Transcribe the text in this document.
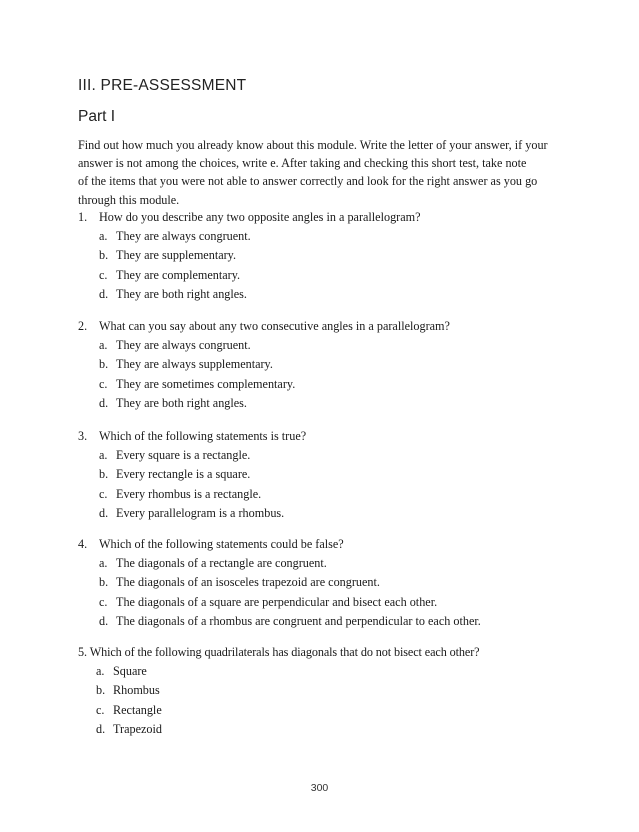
III. PRE-ASSESSMENT
Part I
Find out how much you already know about this module. Write the letter of your answer, if your
answer is not among the choices, write e. After taking and checking this short test, take note
of the items that you were not able to answer correctly and look for the right answer as you go
through this module.
1. How do you describe any two opposite angles in a parallelogram?
a. They are always congruent.
b. They are supplementary.
c. They are complementary.
d. They are both right angles.
2. What can you say about any two consecutive angles in a parallelogram?
a. They are always congruent.
b. They are always supplementary.
c. They are sometimes complementary.
d. They are both right angles.
3. Which of the following statements is true?
a. Every square is a rectangle.
b. Every rectangle is a square.
c. Every rhombus is a rectangle.
d. Every parallelogram is a rhombus.
4. Which of the following statements could be false?
a. The diagonals of a rectangle are congruent.
b. The diagonals of an isosceles trapezoid are congruent.
c. The diagonals of a square are perpendicular and bisect each other.
d. The diagonals of a rhombus are congruent and perpendicular to each other.
5. Which of the following quadrilaterals has diagonals that do not bisect each other?
a. Square
b. Rhombus
c. Rectangle
d. Trapezoid
300
